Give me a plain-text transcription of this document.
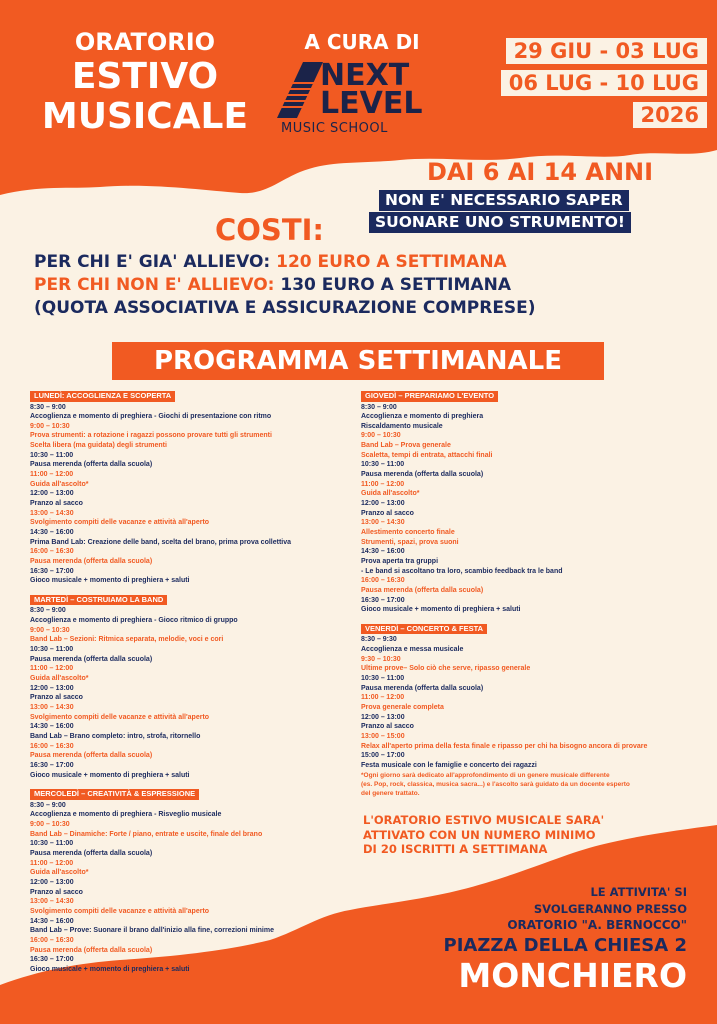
ORATORIO
ESTIVO
MUSICALE
A CURA DI
NEXT
LEVEL
MUSIC SCHOOL
29 GIU - 03 LUG
06 LUG - 10 LUG
2026
DAI 6 AI 14 ANNI
NON E' NECESSARIO SAPER
SUONARE UNO STRUMENTO!
COSTI:
PER CHI E' GIA' ALLIEVO: 120 EURO A SETTIMANA
PER CHI NON E' ALLIEVO: 130 EURO A SETTIMANA
(QUOTA ASSOCIATIVA E ASSICURAZIONE COMPRESE)
PROGRAMMA SETTIMANALE
LUNEDÌ: ACCOGLIENZA E SCOPERTA
8:30 – 9:00
Accoglienza e momento di preghiera - Giochi di presentazione con ritmo
9:00 – 10:30
Prova strumenti: a rotazione i ragazzi possono provare tutti gli strumenti
Scelta libera (ma guidata) degli strumenti
10:30 – 11:00
Pausa merenda (offerta dalla scuola)
11:00 – 12:00
Guida all'ascolto*
12:00 – 13:00
Pranzo al sacco
13:00 – 14:30
Svolgimento compiti delle vacanze e attività all'aperto
14:30 – 16:00
Prima Band Lab: Creazione delle band, scelta del brano, prima prova collettiva
16:00 – 16:30
Pausa merenda (offerta dalla scuola)
16:30 – 17:00
Gioco musicale + momento di preghiera + saluti
MARTEDÌ – COSTRUIAMO LA BAND
8:30 – 9:00
Accoglienza e momento di preghiera - Gioco ritmico di gruppo
9:00 – 10:30
Band Lab – Sezioni: Ritmica separata, melodie, voci e cori
10:30 – 11:00
Pausa merenda (offerta dalla scuola)
11:00 – 12:00
Guida all'ascolto*
12:00 – 13:00
Pranzo al sacco
13:00 – 14:30
Svolgimento compiti delle vacanze e attività all'aperto
14:30 – 16:00
Band Lab – Brano completo: intro, strofa, ritornello
16:00 – 16:30
Pausa merenda (offerta dalla scuola)
16:30 – 17:00
Gioco musicale + momento di preghiera + saluti
MERCOLEDÌ – CREATIVITÀ & ESPRESSIONE
8:30 – 9:00
Accoglienza e momento di preghiera - Risveglio musicale
9:00 – 10:30
Band Lab – Dinamiche: Forte / piano, entrate e uscite, finale del brano
10:30 – 11:00
Pausa merenda (offerta dalla scuola)
11:00 – 12:00
Guida all'ascolto*
12:00 – 13:00
Pranzo al sacco
13:00 – 14:30
Svolgimento compiti delle vacanze e attività all'aperto
14:30 – 16:00
Band Lab – Prove: Suonare il brano dall'inizio alla fine, correzioni minime
16:00 – 16:30
Pausa merenda (offerta dalla scuola)
16:30 – 17:00
Gioco musicale + momento di preghiera + saluti
GIOVEDÌ – PREPARIAMO L'EVENTO
8:30 – 9:00
Accoglienza e momento di preghiera
Riscaldamento musicale
9:00 – 10:30
Band Lab – Prova generale
Scaletta, tempi di entrata, attacchi finali
10:30 – 11:00
Pausa merenda (offerta dalla scuola)
11:00 – 12:00
Guida all'ascolto*
12:00 – 13:00
Pranzo al sacco
13:00 – 14:30
Allestimento concerto finale
Strumenti, spazi, prova suoni
14:30 – 16:00
Prova aperta tra gruppi
- Le band si ascoltano tra loro, scambio feedback tra le band
16:00 – 16:30
Pausa merenda (offerta dalla scuola)
16:30 – 17:00
Gioco musicale + momento di preghiera + saluti
VENERDÌ – CONCERTO & FESTA
8:30 – 9:30
Accoglienza e messa musicale
9:30 – 10:30
Ultime prove– Solo ciò che serve, ripasso generale
10:30 – 11:00
Pausa merenda (offerta dalla scuola)
11:00 – 12:00
Prova generale completa
12:00 – 13:00
Pranzo al sacco
13:00 – 15:00
Relax all'aperto prima della festa finale e ripasso per chi ha bisogno ancora di provare
15:00 – 17:00
Festa musicale con le famiglie e concerto dei ragazzi
*Ogni giorno sarà dedicato all'approfondimento di un genere musicale differente
(es. Pop, rock, classica, musica sacra...) e l'ascolto sarà guidato da un docente esperto
del genere trattato.
L'ORATORIO ESTIVO MUSICALE SARA'
ATTIVATO CON UN NUMERO MINIMO
DI 20 ISCRITTI A SETTIMANA
LE ATTIVITA' SI
SVOLGERANNO PRESSO
ORATORIO "A. BERNOCCO"
PIAZZA DELLA CHIESA 2
MONCHIERO
